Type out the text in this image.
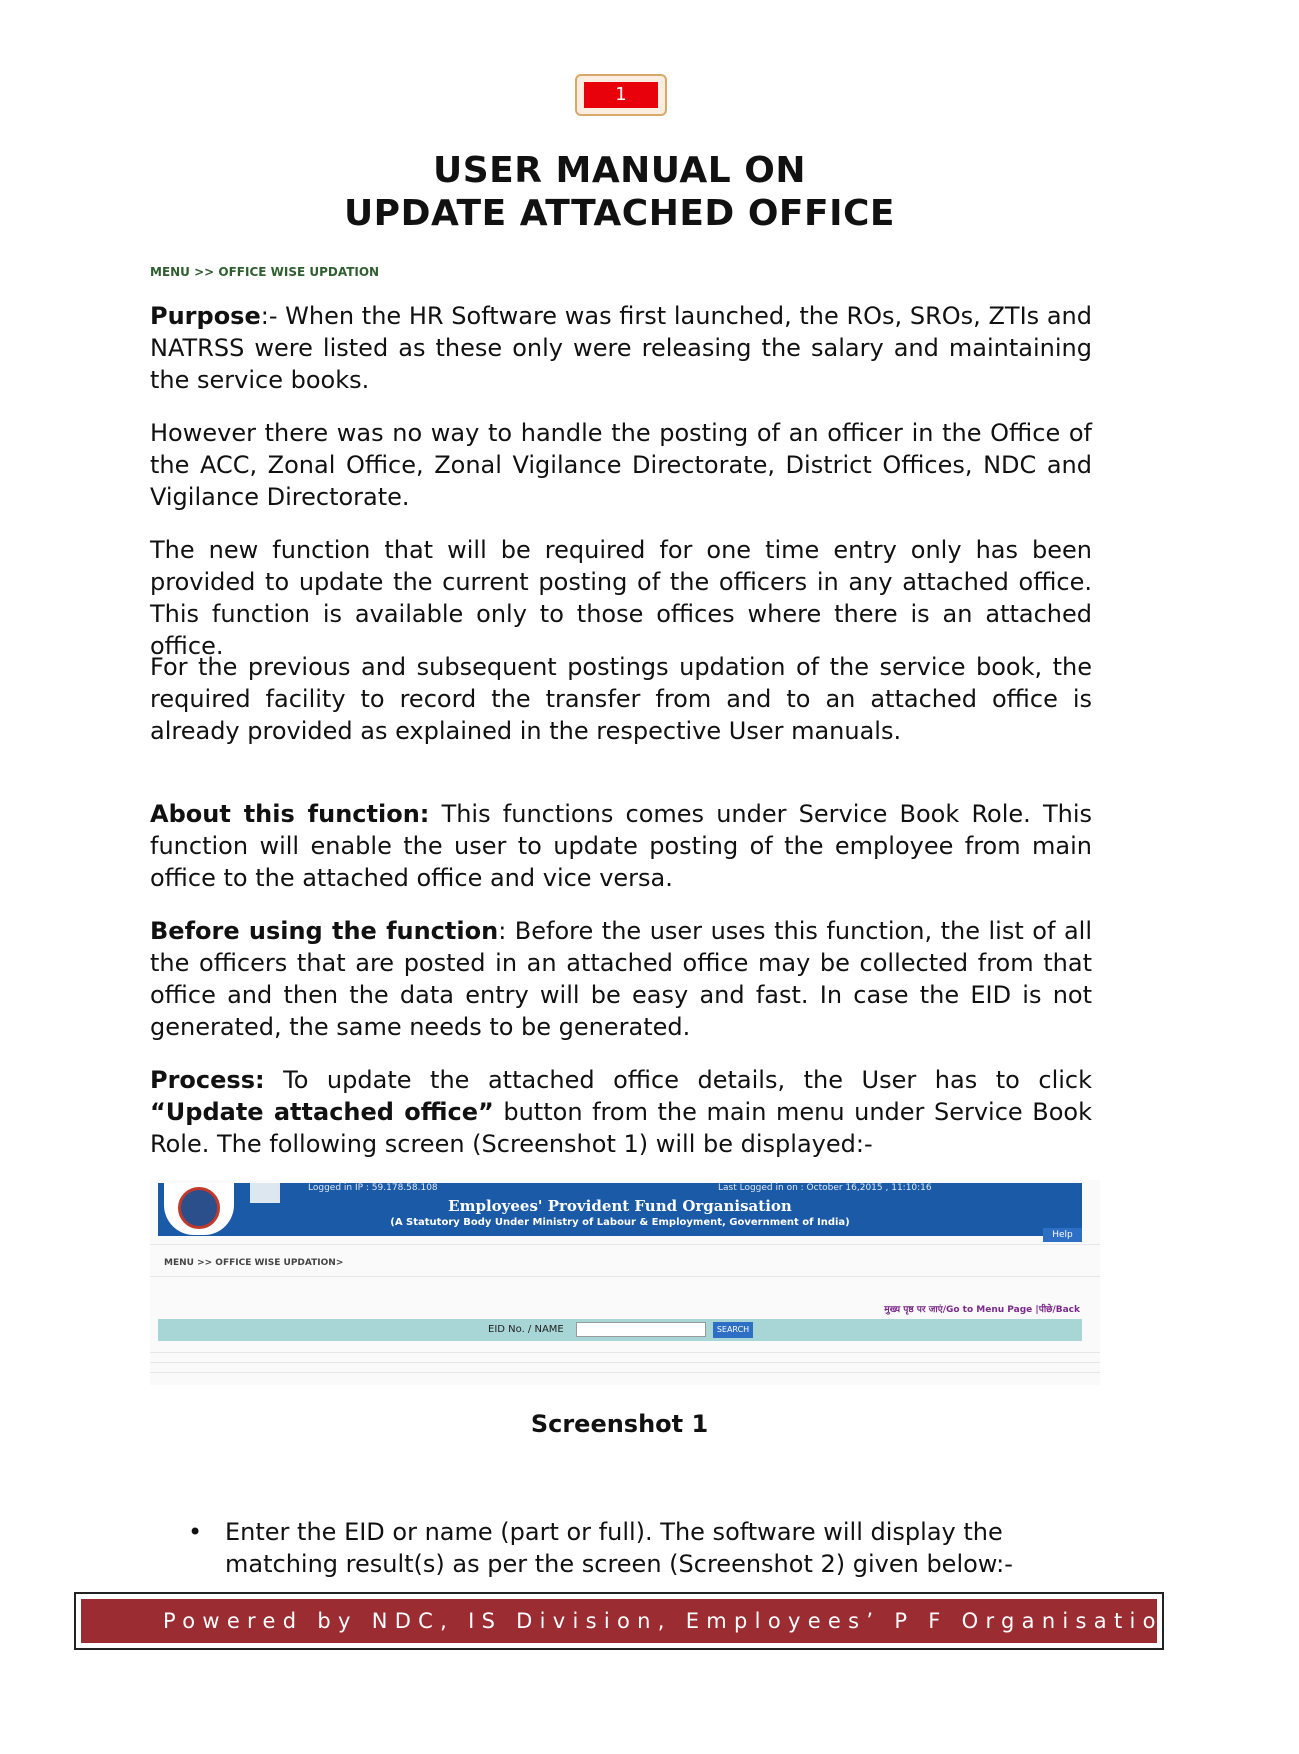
1
USER MANUAL ON
UPDATE ATTACHED OFFICE
MENU >> OFFICE WISE UPDATION

Purpose:- When the HR Software was first launched, the ROs, SROs, ZTIs and NATRSS were listed as these only were releasing the salary and maintaining the service books.

However there was no way to handle the posting of an officer in the Office of the ACC, Zonal Office, Zonal Vigilance Directorate, District Offices, NDC and Vigilance Directorate.

The new function that will be required for one time entry only has been provided to update the current posting of the officers in any attached office. This function is available only to those offices where there is an attached office.

For the previous and subsequent postings updation of the service book, the required facility to record the transfer from and to an attached office is already provided as explained in the respective User manuals.

About this function: This functions comes under Service Book Role. This function will enable the user to update posting of the employee from main office to the attached office and vice versa.

Before using the function: Before the user uses this function, the list of all the officers that are posted in an attached office may be collected from that office and then the data entry will be easy and fast. In case the EID is not generated, the same needs to be generated.

Process: To update the attached office details, the User has to click “Update attached office” button from the main menu under Service Book Role. The following screen (Screenshot 1) will be displayed:-

Logged in IP : 59.178.58.108	Last Logged in on : October 16,2015 , 11:10:16
Employees' Provident Fund Organisation
(A Statutory Body Under Ministry of Labour & Employment, Government of India)
Help
MENU >> OFFICE WISE UPDATION>
मुख्य पृष्ठ पर जाएं/Go to Menu Page |पीछे/Back
EID No. / NAME	SEARCH
Screenshot 1
• Enter the EID or name (part or full). The software will display the matching result(s) as per the screen (Screenshot 2) given below:-
Powered by NDC, IS Division, Employees’ P F Organisation, India
